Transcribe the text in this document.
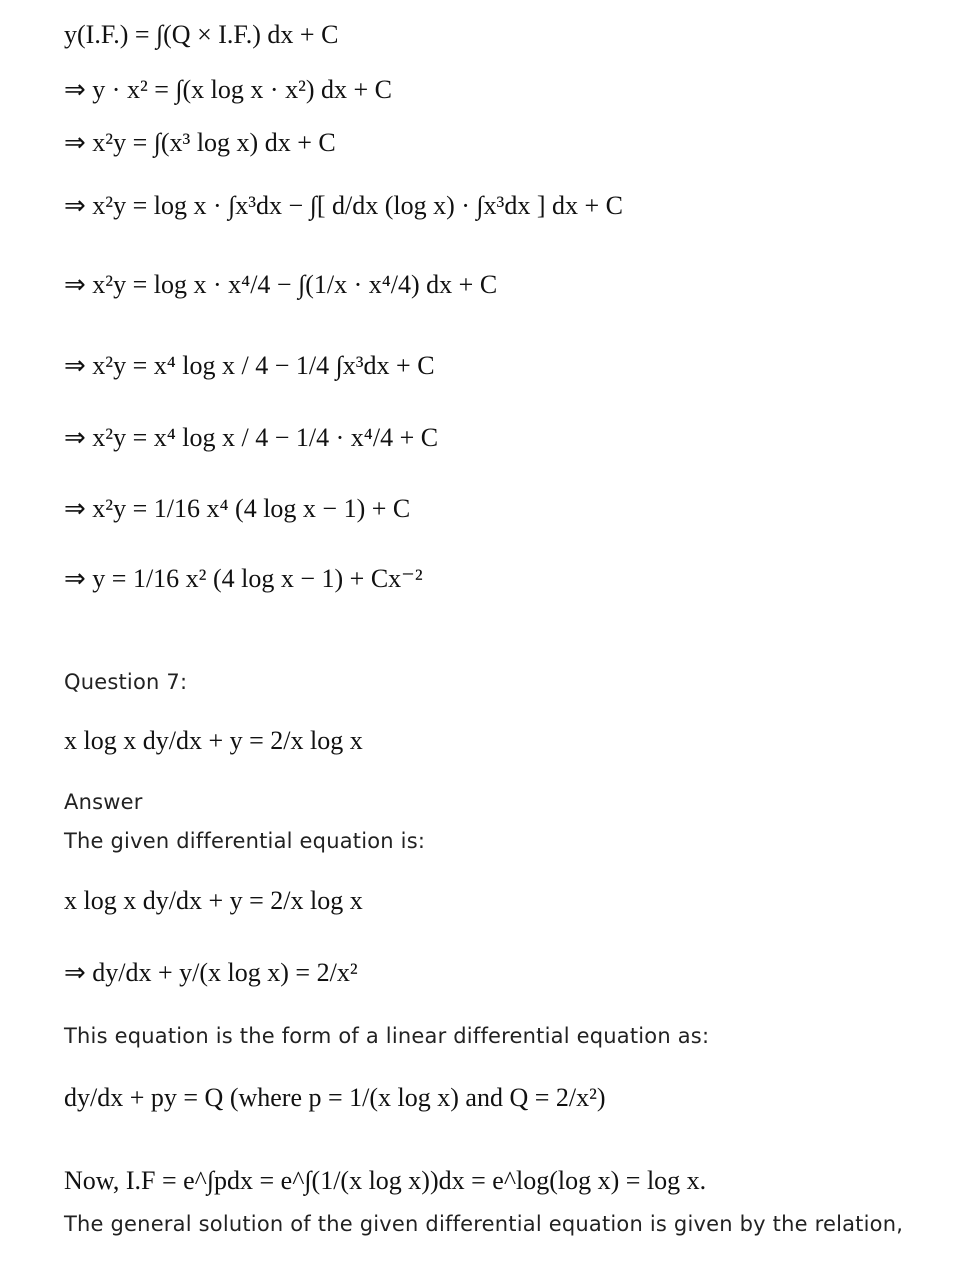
y(I.F.) = ∫(Q × I.F.) dx + C
⇒ y · x² = ∫(x log x · x²) dx + C
⇒ x²y = ∫(x³ log x) dx + C
⇒ x²y = log x · ∫x³dx − ∫[ d/dx (log x) · ∫x³dx ] dx + C
⇒ x²y = log x · x⁴/4 − ∫(1/x · x⁴/4) dx + C
⇒ x²y = x⁴ log x / 4 − 1/4 ∫x³dx + C
⇒ x²y = x⁴ log x / 4 − 1/4 · x⁴/4 + C
⇒ x²y = 1/16 x⁴ (4 log x − 1) + C
⇒ y = 1/16 x² (4 log x − 1) + Cx⁻²
Question 7:
x log x dy/dx + y = 2/x log x
Answer
The given differential equation is:
x log x dy/dx + y = 2/x log x
⇒ dy/dx + y/(x log x) = 2/x²
This equation is the form of a linear differential equation as:
dy/dx + py = Q (where p = 1/(x log x) and Q = 2/x²)
Now, I.F = e^∫pdx = e^∫(1/(x log x))dx = e^log(log x) = log x.
The general solution of the given differential equation is given by the relation,
